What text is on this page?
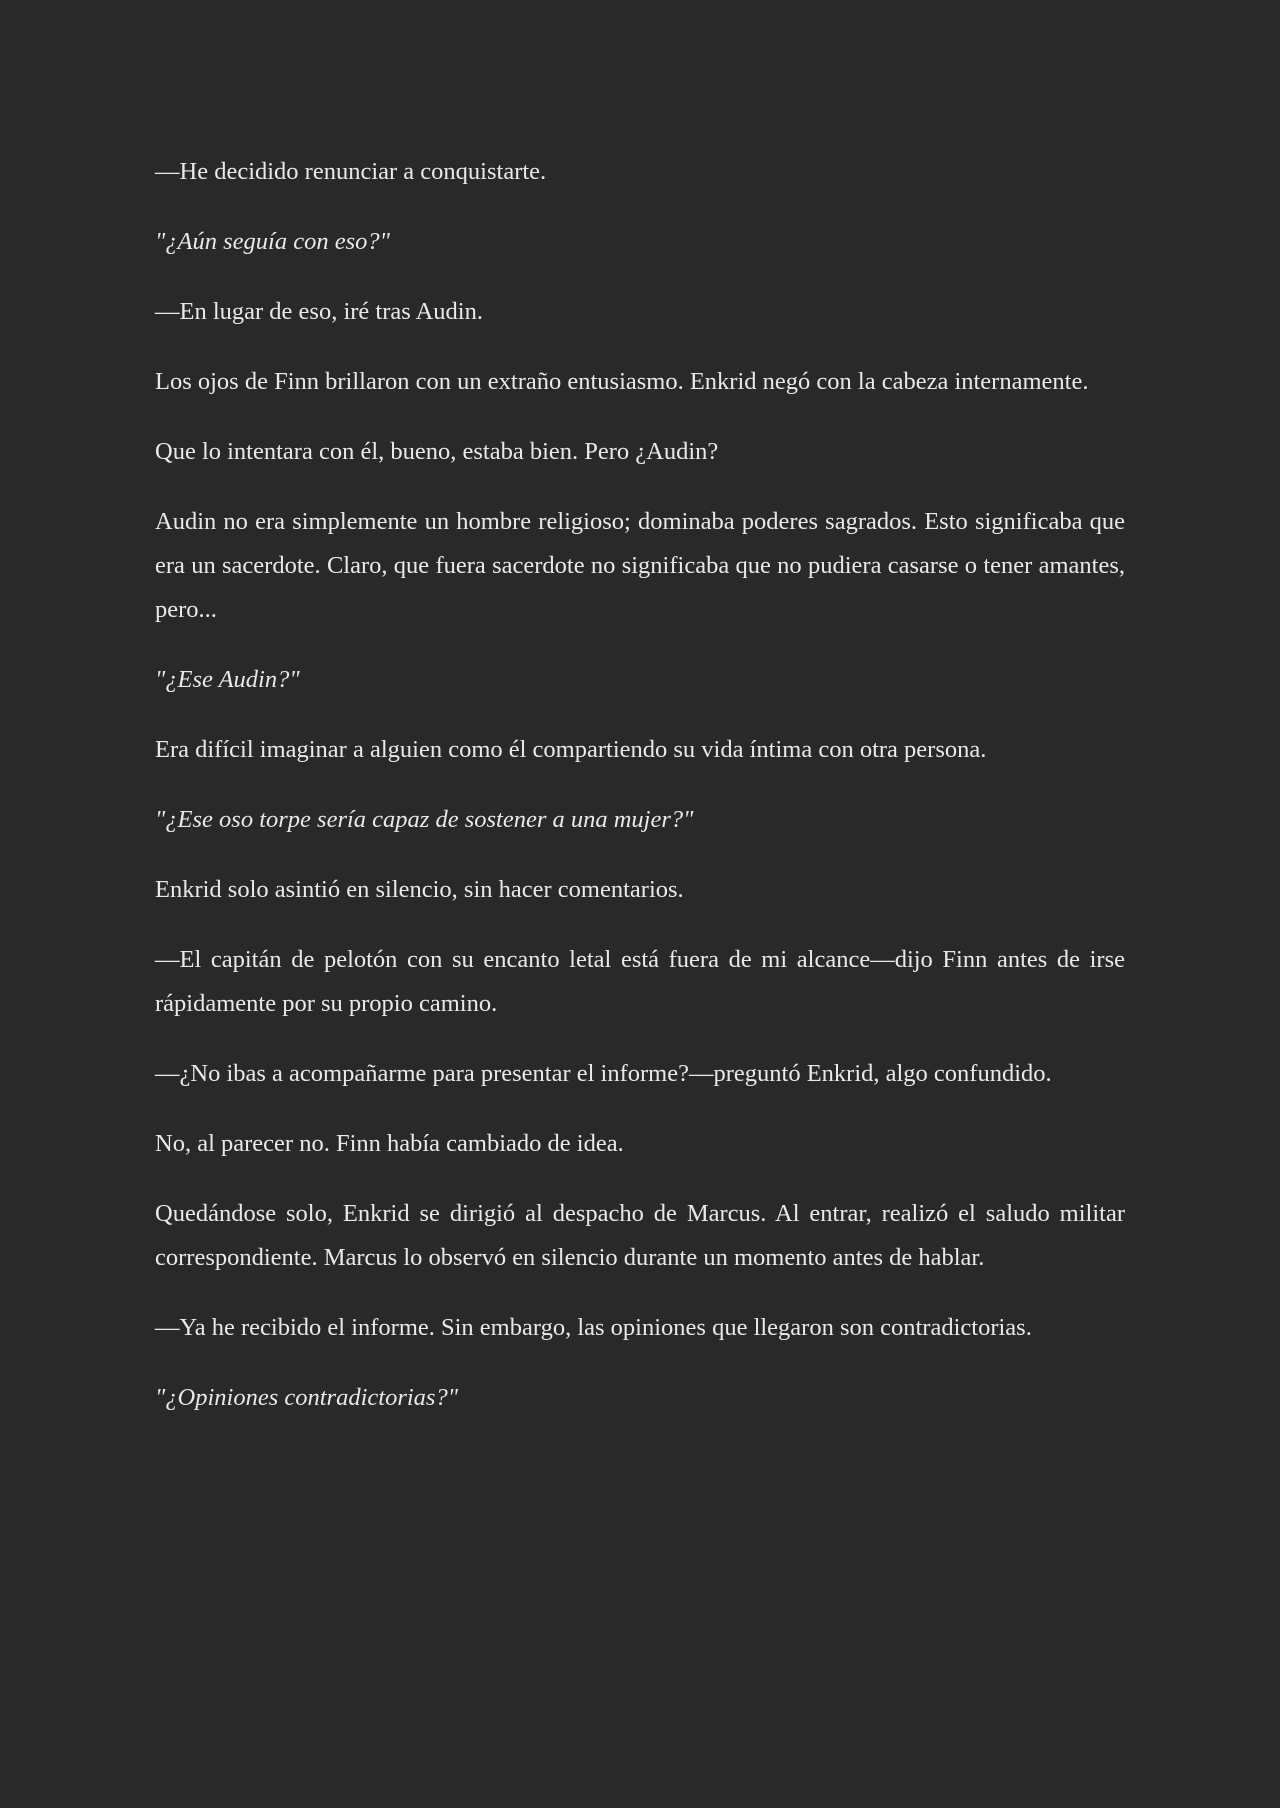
—He decidido renunciar a conquistarte.

"¿Aún seguía con eso?"

—En lugar de eso, iré tras Audin.

Los ojos de Finn brillaron con un extraño entusiasmo. Enkrid negó con la cabeza internamente.

Que lo intentara con él, bueno, estaba bien. Pero ¿Audin?

Audin no era simplemente un hombre religioso; dominaba poderes sagrados. Esto significaba que era un sacerdote. Claro, que fuera sacerdote no significaba que no pudiera casarse o tener amantes, pero...

"¿Ese Audin?"

Era difícil imaginar a alguien como él compartiendo su vida íntima con otra persona.

"¿Ese oso torpe sería capaz de sostener a una mujer?"

Enkrid solo asintió en silencio, sin hacer comentarios.

—El capitán de pelotón con su encanto letal está fuera de mi alcance—dijo Finn antes de irse rápidamente por su propio camino.

—¿No ibas a acompañarme para presentar el informe?—preguntó Enkrid, algo confundido.

No, al parecer no. Finn había cambiado de idea.

Quedándose solo, Enkrid se dirigió al despacho de Marcus. Al entrar, realizó el saludo militar correspondiente. Marcus lo observó en silencio durante un momento antes de hablar.

—Ya he recibido el informe. Sin embargo, las opiniones que llegaron son contradictorias.

"¿Opiniones contradictorias?"
